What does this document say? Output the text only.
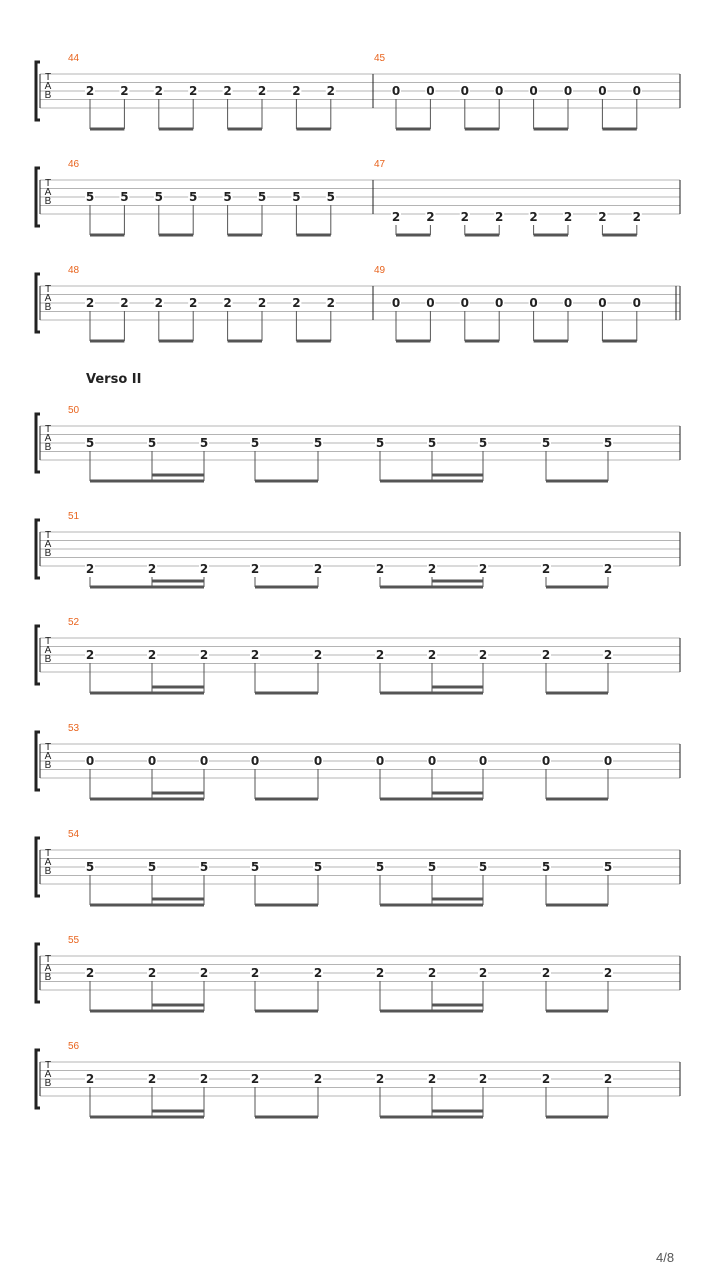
T
A
B
44
2 2 2 2 2 2 2 2
45
0 0 0 0 0 0 0 0
T
A
B
46
5 5 5 5 5 5 5 5
47
2 2 2 2 2 2 2 2
T
A
B
48
2 2 2 2 2 2 2 2
49
0 0 0 0 0 0 0 0
T
A
B
50
5	5	5	5	5	5	5	5	5	5
T
A
B
51
2	2	2	2	2	2	2	2	2	2
T
A
B
52
2	2	2	2	2	2	2	2	2	2
T
A
B
53
0	0	0	0	0	0	0	0	0	0
T
A
B
54
5	5	5	5	5	5	5	5	5	5
T
A
B
55
2	2	2	2	2	2	2	2	2	2
T
A
B
56
2	2	2	2	2	2	2	2	2	2
Verso II
4/8
